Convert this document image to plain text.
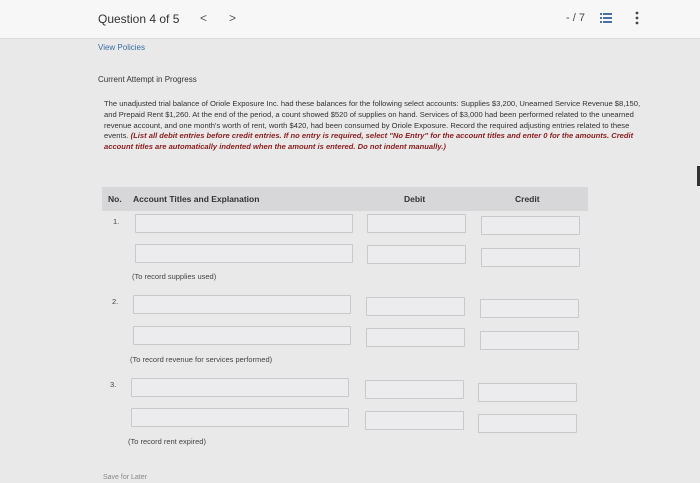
Question 4 of 5 < >	- / 7
View Policies
Current Attempt in Progress
The unadjusted trial balance of Oriole Exposure Inc. had these balances for the following select accounts: Supplies $3,200, Unearned Service Revenue $8,150, and Prepaid Rent $1,260. At the end of the period, a count showed $520 of supplies on hand. Services of $3,000 had been performed related to the unearned revenue account, and one month's worth of rent, worth $420, had been consumed by Oriole Exposure. Record the required adjusting entries related to these events. (List all debit entries before credit entries. If no entry is required, select "No Entry" for the account titles and enter 0 for the amounts. Credit account titles are automatically indented when the amount is entered. Do not indent manually.)
No. Account Titles and Explanation	Debit	Credit
1.
(To record supplies used)
2.
(To record revenue for services performed)
3.
(To record rent expired)
Save for Later
